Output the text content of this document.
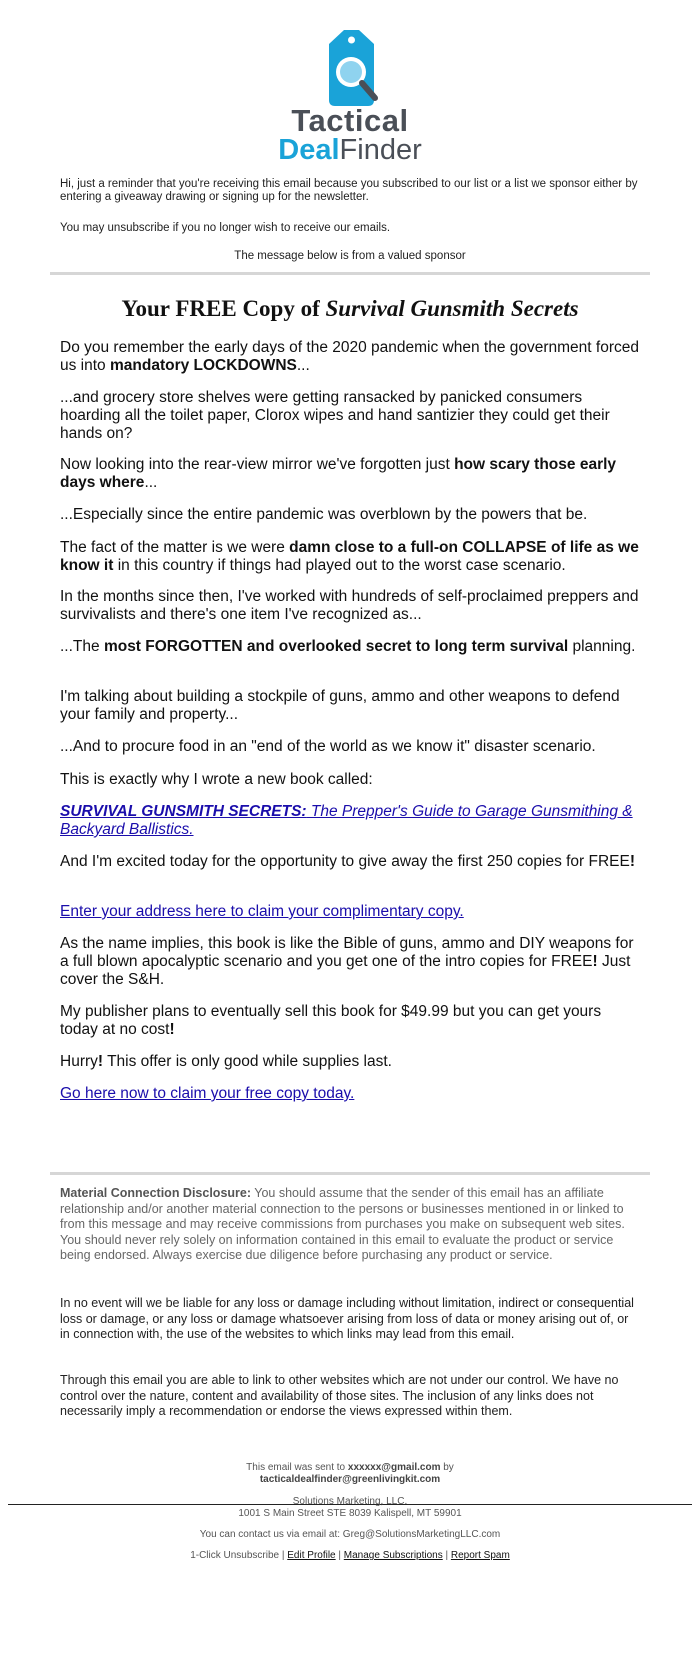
Tactical
DealFinder
Hi, just a reminder that you're receiving this email because you subscribed to our list or a list we sponsor either by entering a giveaway drawing or signing up for the newsletter.
You may unsubscribe if you no longer wish to receive our emails.
The message below is from a valued sponsor
Your FREE Copy of Survival Gunsmith Secrets

Do you remember the early days of the 2020 pandemic when the government forced us into mandatory LOCKDOWNS...

...and grocery store shelves were getting ransacked by panicked consumers hoarding all the toilet paper, Clorox wipes and hand santizier they could get their hands on?

Now looking into the rear-view mirror we've forgotten just how scary those early days where...

...Especially since the entire pandemic was overblown by the powers that be.

The fact of the matter is we were damn close to a full-on COLLAPSE of life as we know it in this country if things had played out to the worst case scenario.

In the months since then, I've worked with hundreds of self-proclaimed preppers and survivalists and there's one item I've recognized as...

...The most FORGOTTEN and overlooked secret to long term survival planning.

I'm talking about building a stockpile of guns, ammo and other weapons to defend your family and property...

...And to procure food in an "end of the world as we know it" disaster scenario.

This is exactly why I wrote a new book called:

SURVIVAL GUNSMITH SECRETS: The Prepper's Guide to Garage Gunsmithing & Backyard Ballistics.

And I'm excited today for the opportunity to give away the first 250 copies for FREE!

Enter your address here to claim your complimentary copy.

As the name implies, this book is like the Bible of guns, ammo and DIY weapons for a full blown apocalyptic scenario and you get one of the intro copies for FREE! Just cover the S&H.

My publisher plans to eventually sell this book for $49.99 but you can get yours today at no cost!

Hurry! This offer is only good while supplies last.

Go here now to claim your free copy today.

Material Connection Disclosure: You should assume that the sender of this email has an affiliate relationship and/or another material connection to the persons or businesses mentioned in or linked to from this message and may receive commissions from purchases you make on subsequent web sites. You should never rely solely on information contained in this email to evaluate the product or service being endorsed. Always exercise due diligence before purchasing any product or service.
In no event will we be liable for any loss or damage including without limitation, indirect or consequential loss or damage, or any loss or damage whatsoever arising from loss of data or money arising out of, or in connection with, the use of the websites to which links may lead from this email.
Through this email you are able to link to other websites which are not under our control. We have no control over the nature, content and availability of those sites. The inclusion of any links does not necessarily imply a recommendation or endorse the views expressed within them.
This email was sent to xxxxxx@gmail.com by
tacticaldealfinder@greenlivingkit.com
Solutions Marketing, LLC.
1001 S Main Street STE 8039 Kalispell, MT 59901
You can contact us via email at: Greg@SolutionsMarketingLLC.com
1-Click Unsubscribe | Edit Profile | Manage Subscriptions | Report Spam
